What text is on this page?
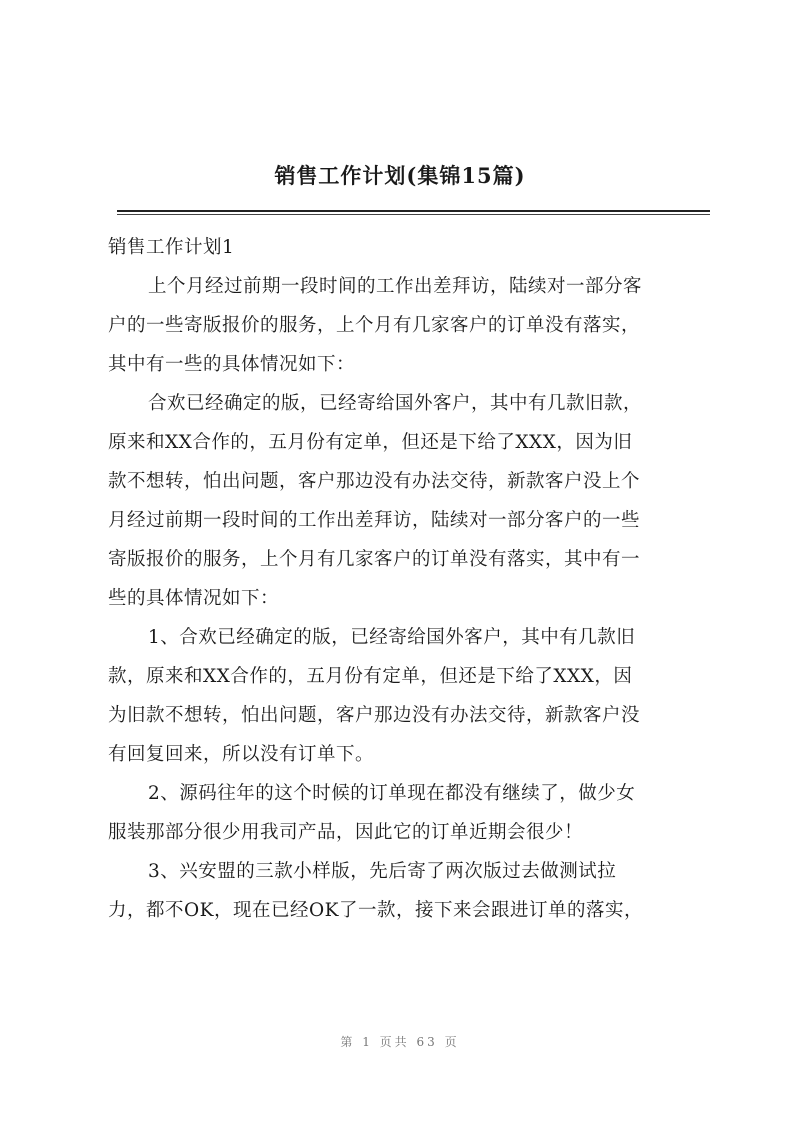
销售工作计划(集锦15篇)
销售工作计划1
上个月经过前期一段时间的工作出差拜访，陆续对一部分客
户的一些寄版报价的服务，上个月有几家客户的订单没有落实，
其中有一些的具体情况如下：
合欢已经确定的版，已经寄给国外客户，其中有几款旧款，
原来和XX合作的，五月份有定单，但还是下给了XXX，因为旧
款不想转，怕出问题，客户那边没有办法交待，新款客户没上个
月经过前期一段时间的工作出差拜访，陆续对一部分客户的一些
寄版报价的服务，上个月有几家客户的订单没有落实，其中有一
些的具体情况如下：
1、合欢已经确定的版，已经寄给国外客户，其中有几款旧
款，原来和XX合作的，五月份有定单，但还是下给了XXX，因
为旧款不想转，怕出问题，客户那边没有办法交待，新款客户没
有回复回来，所以没有订单下。
2、源码往年的这个时候的订单现在都没有继续了，做少女
服装那部分很少用我司产品，因此它的订单近期会很少！
3、兴安盟的三款小样版，先后寄了两次版过去做测试拉
力，都不OK，现在已经OK了一款，接下来会跟进订单的落实，
第 1 页共 63 页
